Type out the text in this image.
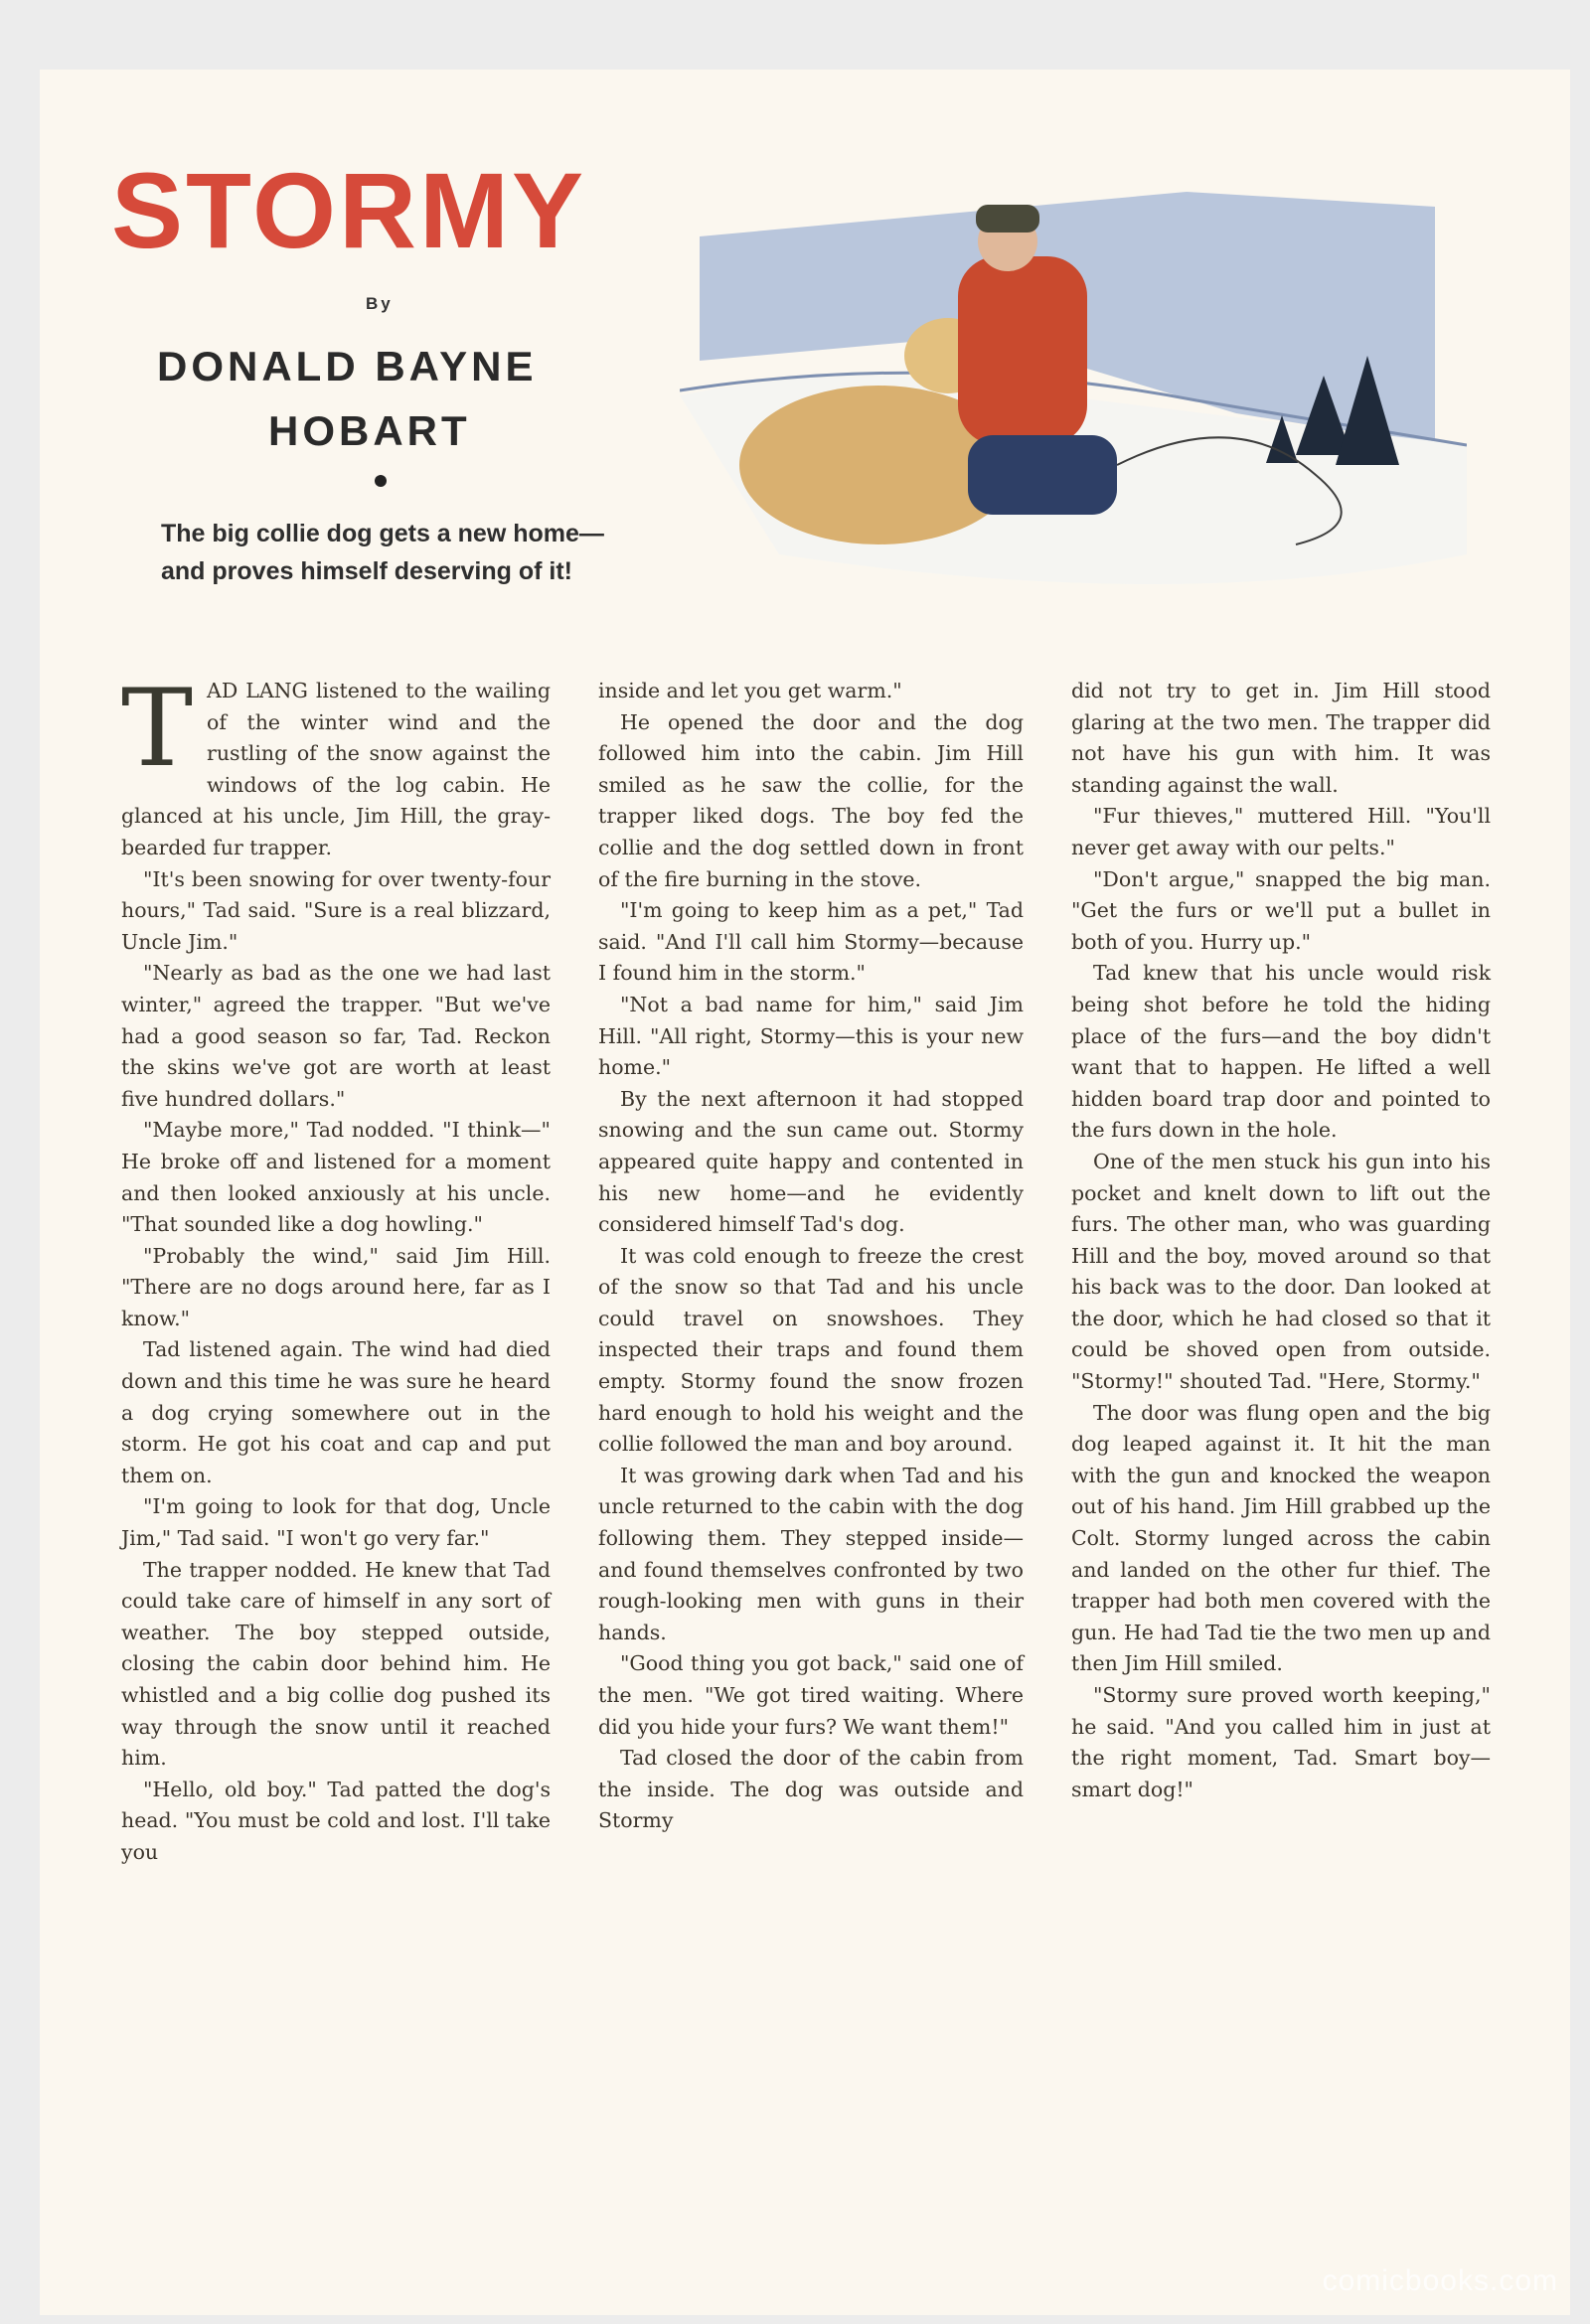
STORMY
By
DONALD BAYNE
HOBART
The big collie dog gets a new home—and proves himself deserving of it!

TAD LANG listened to the wailing of the winter wind and the rustling of the snow against the windows of the log cabin. He glanced at his uncle, Jim Hill, the gray-bearded fur trapper.

"It's been snowing for over twenty-four hours," Tad said. "Sure is a real blizzard, Uncle Jim."

"Nearly as bad as the one we had last winter," agreed the trapper. "But we've had a good season so far, Tad. Reckon the skins we've got are worth at least five hundred dollars."

"Maybe more," Tad nodded. "I think—" He broke off and listened for a moment and then looked anxiously at his uncle. "That sounded like a dog howling."

"Probably the wind," said Jim Hill. "There are no dogs around here, far as I know."

Tad listened again. The wind had died down and this time he was sure he heard a dog crying somewhere out in the storm. He got his coat and cap and put them on.

"I'm going to look for that dog, Uncle Jim," Tad said. "I won't go very far."

The trapper nodded. He knew that Tad could take care of himself in any sort of weather. The boy stepped outside, closing the cabin door behind him. He whistled and a big collie dog pushed its way through the snow until it reached him.

"Hello, old boy." Tad patted the dog's head. "You must be cold and lost. I'll take you

inside and let you get warm."

He opened the door and the dog followed him into the cabin. Jim Hill smiled as he saw the collie, for the trapper liked dogs. The boy fed the collie and the dog settled down in front of the fire burning in the stove.

"I'm going to keep him as a pet," Tad said. "And I'll call him Stormy—because I found him in the storm."

"Not a bad name for him," said Jim Hill. "All right, Stormy—this is your new home."

By the next afternoon it had stopped snowing and the sun came out. Stormy appeared quite happy and contented in his new home—and he evidently considered himself Tad's dog.

It was cold enough to freeze the crest of the snow so that Tad and his uncle could travel on snowshoes. They inspected their traps and found them empty. Stormy found the snow frozen hard enough to hold his weight and the collie followed the man and boy around.

It was growing dark when Tad and his uncle returned to the cabin with the dog following them. They stepped inside—and found themselves confronted by two rough-looking men with guns in their hands.

"Good thing you got back," said one of the men. "We got tired waiting. Where did you hide your furs? We want them!"

Tad closed the door of the cabin from the inside. The dog was outside and Stormy

did not try to get in. Jim Hill stood glaring at the two men. The trapper did not have his gun with him. It was standing against the wall.

"Fur thieves," muttered Hill. "You'll never get away with our pelts."

"Don't argue," snapped the big man. "Get the furs or we'll put a bullet in both of you. Hurry up."

Tad knew that his uncle would risk being shot before he told the hiding place of the furs—and the boy didn't want that to happen. He lifted a well hidden board trap door and pointed to the furs down in the hole.

One of the men stuck his gun into his pocket and knelt down to lift out the furs. The other man, who was guarding Hill and the boy, moved around so that his back was to the door. Dan looked at the door, which he had closed so that it could be shoved open from outside. "Stormy!" shouted Tad. "Here, Stormy."

The door was flung open and the big dog leaped against it. It hit the man with the gun and knocked the weapon out of his hand. Jim Hill grabbed up the Colt. Stormy lunged across the cabin and landed on the other fur thief. The trapper had both men covered with the gun. He had Tad tie the two men up and then Jim Hill smiled.

"Stormy sure proved worth keeping," he said. "And you called him in just at the right moment, Tad. Smart boy—smart dog!"

comicbooks.com
